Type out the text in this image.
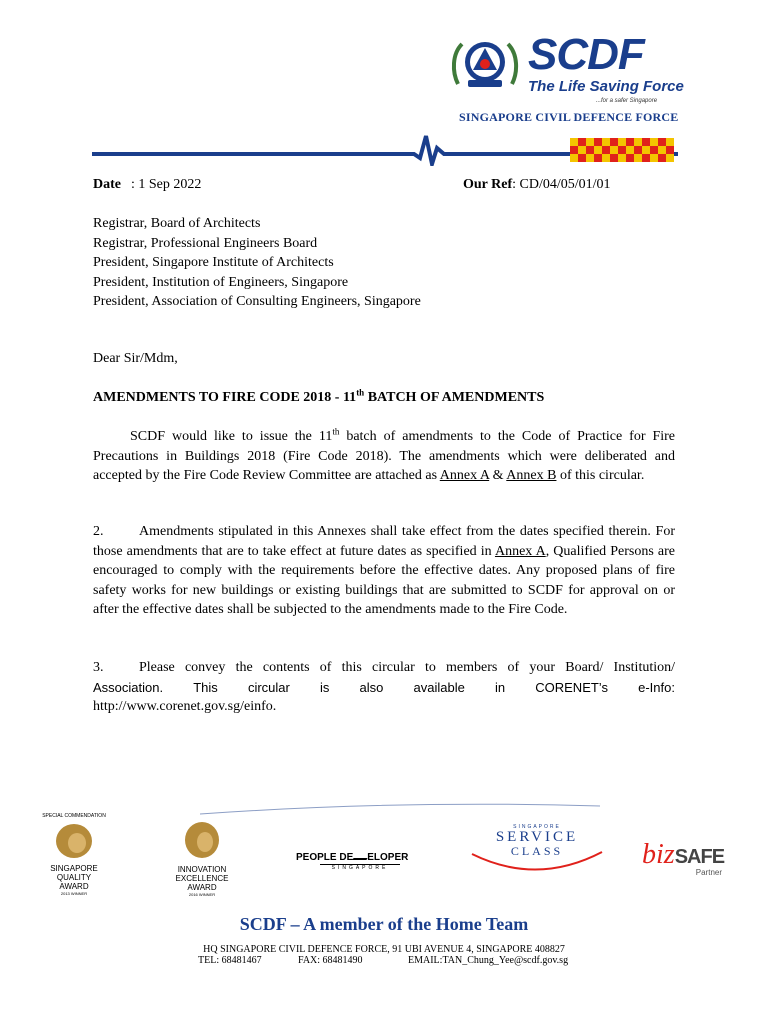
SCDF
The Life Saving Force
...for a safer Singapore
SINGAPORE CIVIL DEFENCE FORCE
Date : 1 Sep 2022	Our Ref: CD/04/05/01/01
Registrar, Board of Architects
Registrar, Professional Engineers Board
President, Singapore Institute of Architects
President, Institution of Engineers, Singapore
President, Association of Consulting Engineers, Singapore
Dear Sir/Mdm,
AMENDMENTS TO FIRE CODE 2018 - 11th BATCH OF AMENDMENTS
SCDF would like to issue the 11th batch of amendments to the Code of Practice for Fire Precautions in Buildings 2018 (Fire Code 2018). The amendments which were deliberated and accepted by the Fire Code Review Committee are attached as Annex A & Annex B of this circular.
2.	Amendments stipulated in this Annexes shall take effect from the dates specified therein. For those amendments that are to take effect at future dates as specified in Annex A, Qualified Persons are encouraged to comply with the requirements before the effective dates. Any proposed plans of fire safety works for new buildings or existing buildings that are submitted to SCDF for approval on or after the effective dates shall be subjected to the amendments made to the Fire Code.
3.	Please convey the contents of this circular to members of your Board/ Institution/
Association. This circular is also available in CORENET’s e-Info:
http://www.corenet.gov.sg/einfo.
SPECIAL COMMENDATION
SINGAPORE
QUALITY
AWARD
2013 WINNER
INNOVATION
EXCELLENCE
AWARD
2016 WINNER
PEOPLE DE ELOPER
SINGAPORE
SINGAPORE
SERVICE
CLASS	bizSAFE
Partner
SCDF – A member of the Home Team
HQ SINGAPORE CIVIL DEFENCE FORCE, 91 UBI AVENUE 4, SINGAPORE 408827
TEL: 68481467	FAX: 68481490	EMAIL:TAN_Chung_Yee@scdf.gov.sg
